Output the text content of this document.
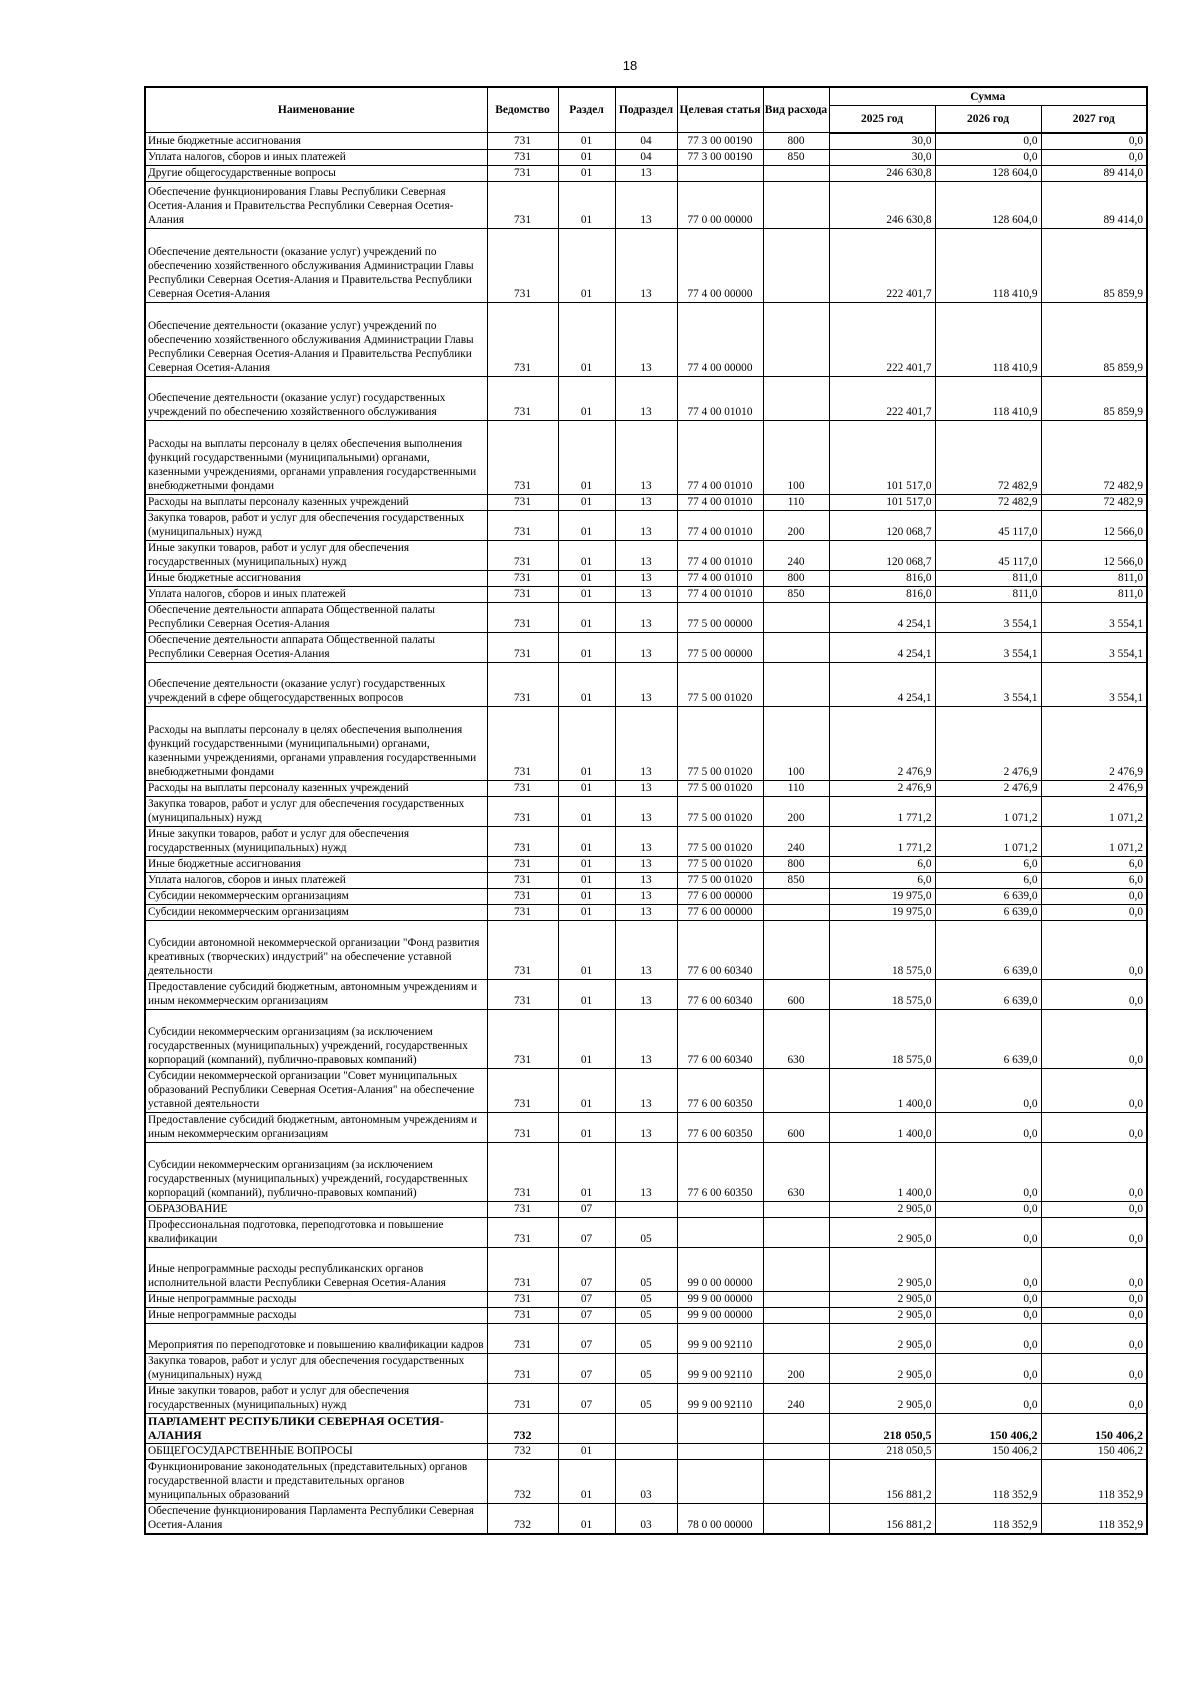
18
Наименование	Ведомство	Раздел	Подраздел	Целевая статья	Вид расхода	Сумма		
						2025 год	2026 год	2027 год
Иные бюджетные ассигнования	731	01	04	77 3 00 00190	800	30,0	0,0	0,0
Уплата налогов, сборов и иных платежей	731	01	04	77 3 00 00190	850	30,0	0,0	0,0
Другие общегосударственные вопросы	731	01	13			246 630,8	128 604,0	89 414,0
Обеспечение функционирования Главы Республики Северная Осетия-Алания и Правительства Республики Северная Осетия-Алания	731	01	13	77 0 00 00000		246 630,8	128 604,0	89 414,0
Обеспечение деятельности (оказание услуг) учреждений по обеспечению хозяйственного обслуживания Администрации Главы Республики Северная Осетия-Алания и Правительства Республики Северная Осетия-Алания	731	01	13	77 4 00 00000		222 401,7	118 410,9	85 859,9
Обеспечение деятельности (оказание услуг) учреждений по обеспечению хозяйственного обслуживания Администрации Главы Республики Северная Осетия-Алания и Правительства Республики Северная Осетия-Алания	731	01	13	77 4 00 00000		222 401,7	118 410,9	85 859,9
Обеспечение деятельности (оказание услуг) государственных учреждений по обеспечению хозяйственного обслуживания	731	01	13	77 4 00 01010		222 401,7	118 410,9	85 859,9
Расходы на выплаты персоналу в целях обеспечения выполнения функций государственными (муниципальными) органами, казенными учреждениями, органами управления государственными внебюджетными фондами	731	01	13	77 4 00 01010	100	101 517,0	72 482,9	72 482,9
Расходы на выплаты персоналу казенных учреждений	731	01	13	77 4 00 01010	110	101 517,0	72 482,9	72 482,9
Закупка товаров, работ и услуг для обеспечения государственных (муниципальных) нужд	731	01	13	77 4 00 01010	200	120 068,7	45 117,0	12 566,0
Иные закупки товаров, работ и услуг для обеспечения государственных (муниципальных) нужд	731	01	13	77 4 00 01010	240	120 068,7	45 117,0	12 566,0
Иные бюджетные ассигнования	731	01	13	77 4 00 01010	800	816,0	811,0	811,0
Уплата налогов, сборов и иных платежей	731	01	13	77 4 00 01010	850	816,0	811,0	811,0
Обеспечение деятельности аппарата Общественной палаты Республики Северная Осетия-Алания	731	01	13	77 5 00 00000		4 254,1	3 554,1	3 554,1
Обеспечение деятельности аппарата Общественной палаты Республики Северная Осетия-Алания	731	01	13	77 5 00 00000		4 254,1	3 554,1	3 554,1
Обеспечение деятельности (оказание услуг) государственных учреждений в сфере общегосударственных вопросов	731	01	13	77 5 00 01020		4 254,1	3 554,1	3 554,1
Расходы на выплаты персоналу в целях обеспечения выполнения функций государственными (муниципальными) органами, казенными учреждениями, органами управления государственными внебюджетными фондами	731	01	13	77 5 00 01020	100	2 476,9	2 476,9	2 476,9
Расходы на выплаты персоналу казенных учреждений	731	01	13	77 5 00 01020	110	2 476,9	2 476,9	2 476,9
Закупка товаров, работ и услуг для обеспечения государственных (муниципальных) нужд	731	01	13	77 5 00 01020	200	1 771,2	1 071,2	1 071,2
Иные закупки товаров, работ и услуг для обеспечения государственных (муниципальных) нужд	731	01	13	77 5 00 01020	240	1 771,2	1 071,2	1 071,2
Иные бюджетные ассигнования	731	01	13	77 5 00 01020	800	6,0	6,0	6,0
Уплата налогов, сборов и иных платежей	731	01	13	77 5 00 01020	850	6,0	6,0	6,0
Субсидии некоммерческим организациям	731	01	13	77 6 00 00000		19 975,0	6 639,0	0,0
Субсидии некоммерческим организациям	731	01	13	77 6 00 00000		19 975,0	6 639,0	0,0
Субсидии автономной некоммерческой организации "Фонд развития креативных (творческих) индустрий" на обеспечение уставной деятельности	731	01	13	77 6 00 60340		18 575,0	6 639,0	0,0
Предоставление субсидий бюджетным, автономным учреждениям и иным некоммерческим организациям	731	01	13	77 6 00 60340	600	18 575,0	6 639,0	0,0
Субсидии некоммерческим организациям (за исключением государственных (муниципальных) учреждений, государственных корпораций (компаний), публично-правовых компаний)	731	01	13	77 6 00 60340	630	18 575,0	6 639,0	0,0
Субсидии некоммерческой организации "Совет муниципальных образований Республики Северная Осетия-Алания" на обеспечение уставной деятельности	731	01	13	77 6 00 60350		1 400,0	0,0	0,0
Предоставление субсидий бюджетным, автономным учреждениям и иным некоммерческим организациям	731	01	13	77 6 00 60350	600	1 400,0	0,0	0,0
Субсидии некоммерческим организациям (за исключением государственных (муниципальных) учреждений, государственных корпораций (компаний), публично-правовых компаний)	731	01	13	77 6 00 60350	630	1 400,0	0,0	0,0
ОБРАЗОВАНИЕ	731	07				2 905,0	0,0	0,0
Профессиональная подготовка, переподготовка и повышение квалификации	731	07	05			2 905,0	0,0	0,0
Иные непрограммные расходы республиканских органов исполнительной власти Республики Северная Осетия-Алания	731	07	05	99 0 00 00000		2 905,0	0,0	0,0
Иные непрограммные расходы	731	07	05	99 9 00 00000		2 905,0	0,0	0,0
Иные непрограммные расходы	731	07	05	99 9 00 00000		2 905,0	0,0	0,0
Мероприятия по переподготовке и повышению квалификации кадров	731	07	05	99 9 00 92110		2 905,0	0,0	0,0
Закупка товаров, работ и услуг для обеспечения государственных (муниципальных) нужд	731	07	05	99 9 00 92110	200	2 905,0	0,0	0,0
Иные закупки товаров, работ и услуг для обеспечения государственных (муниципальных) нужд	731	07	05	99 9 00 92110	240	2 905,0	0,0	0,0
ПАРЛАМЕНТ РЕСПУБЛИКИ СЕВЕРНАЯ ОСЕТИЯ-АЛАНИЯ	732					218 050,5	150 406,2	150 406,2
ОБЩЕГОСУДАРСТВЕННЫЕ ВОПРОСЫ	732	01				218 050,5	150 406,2	150 406,2
Функционирование законодательных (представительных) органов государственной власти и представительных органов муниципальных образований	732	01	03			156 881,2	118 352,9	118 352,9
Обеспечение функционирования Парламента Республики Северная Осетия-Алания	732	01	03	78 0 00 00000		156 881,2	118 352,9	118 352,9
